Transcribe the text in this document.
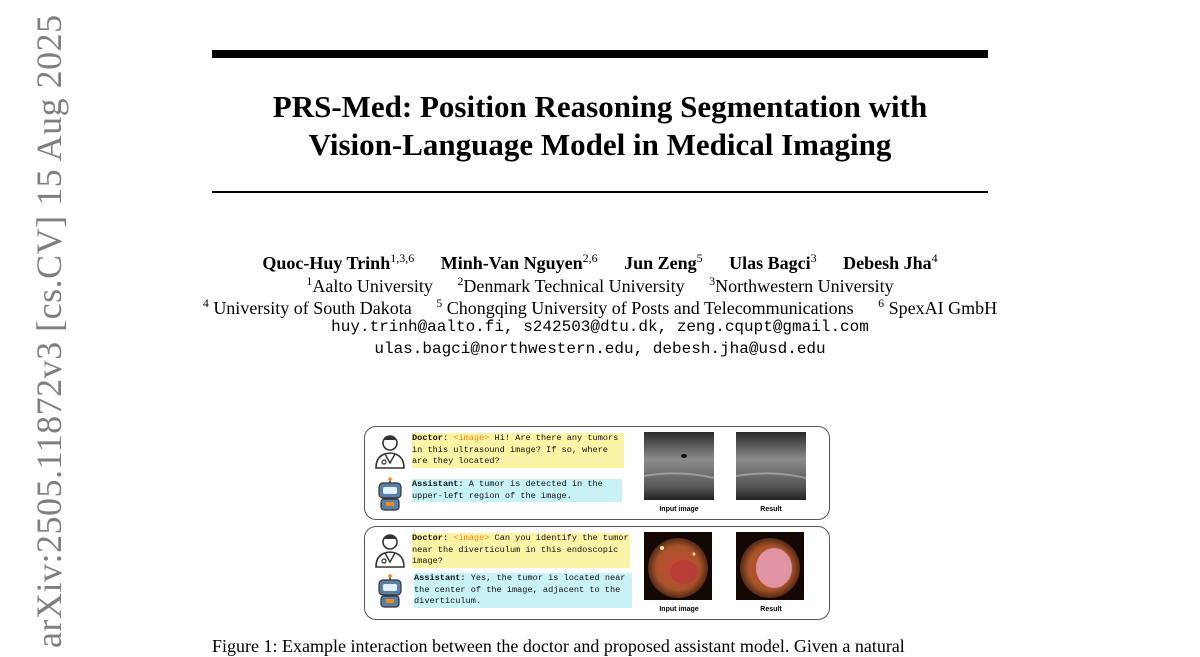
arXiv:2505.11872v3 [cs.CV] 15 Aug 2025	PRS-Med: Position Reasoning Segmentation with
Vision-Language Model in Medical Imaging
Quoc-Huy Trinh$^{1,3,6}$ Minh-Van Nguyen$^{2,6}$ Jun Zeng$^5$ Ulas Bagci$^3$ Debesh Jha$^4$
$^1$Aalto University $^2$Denmark Technical University $^3$Northwestern University
$^4$ University of South Dakota $^5$ Chongqing University of Posts and Telecommunications $^6$ SpexAI GmbH
huy.trinh@aalto.fi, s242503@dtu.dk, zeng.cqupt@gmail.com
ulas.bagci@northwestern.edu, debesh.jha@usd.edu
Doctor: <image> Hi! Are there any tumors in this ultrasound image? If so, where are they located?
Assistant: A tumor is detected in the upper-left region of the image.
Input image	Result
Doctor: <image> Can you identify the tumor near the diverticulum in this endoscopic image?
Assistant: Yes, the tumor is located near the center of the image, adjacent to the diverticulum.
Input image	Result
Figure 1: Example interaction between the doctor and proposed assistant model. Given a natural
